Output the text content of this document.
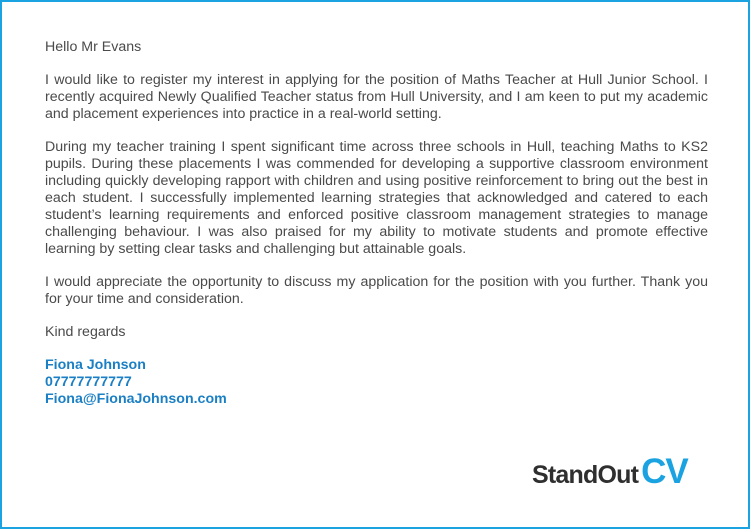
Hello Mr Evans

I would like to register my interest in applying for the position of Maths Teacher at Hull Junior School. I recently acquired Newly Qualified Teacher status from Hull University, and I am keen to put my academic and placement experiences into practice in a real-world setting.

During my teacher training I spent significant time across three schools in Hull, teaching Maths to KS2 pupils. During these placements I was commended for developing a supportive classroom environment including quickly developing rapport with children and using positive reinforcement to bring out the best in each student. I successfully implemented learning strategies that acknowledged and catered to each student’s learning requirements and enforced positive classroom management strategies to manage challenging behaviour. I was also praised for my ability to motivate students and promote effective learning by setting clear tasks and challenging but attainable goals.

I would appreciate the opportunity to discuss my application for the position with you further. Thank you for your time and consideration.

Kind regards

Fiona Johnson
07777777777
Fiona@FionaJohnson.com
StandOutCV
